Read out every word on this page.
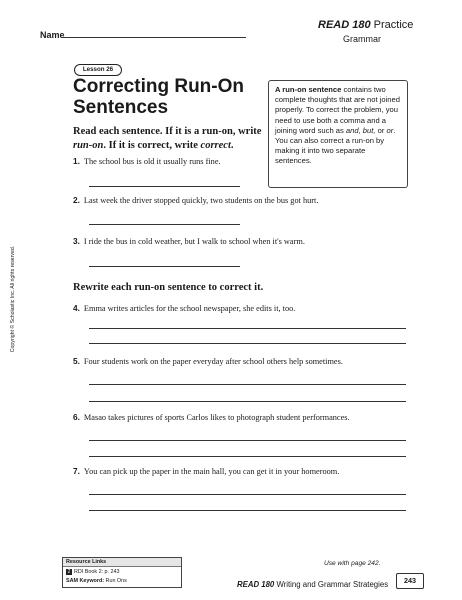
Name
READ 180 Practice
Grammar
Lesson 26
Correcting Run-On Sentences
A run-on sentence contains two complete thoughts that are not joined properly. To correct the problem, you need to use both a comma and a joining word such as and, but, or or. You can also correct a run-on by making it into two separate sentences.
Read each sentence. If it is a run-on, write run-on. If it is correct, write correct.
1. The school bus is old it usually runs fine.
2. Last week the driver stopped quickly, two students on the bus got hurt.
3. I ride the bus in cold weather, but I walk to school when it's warm.
Rewrite each run-on sentence to correct it.
4. Emma writes articles for the school newspaper, she edits it, too.
5. Four students work on the paper everyday after school others help sometimes.
6. Masao takes pictures of sports Carlos likes to photograph student performances.
7. You can pick up the paper in the main hall, you can get it in your homeroom.
Copyright © Scholastic Inc. All rights reserved.
Resource Links
2 RDI Book 2: p. 243
SAM Keyword: Run Ons
Use with page 242.
READ 180 Writing and Grammar Strategies	243
